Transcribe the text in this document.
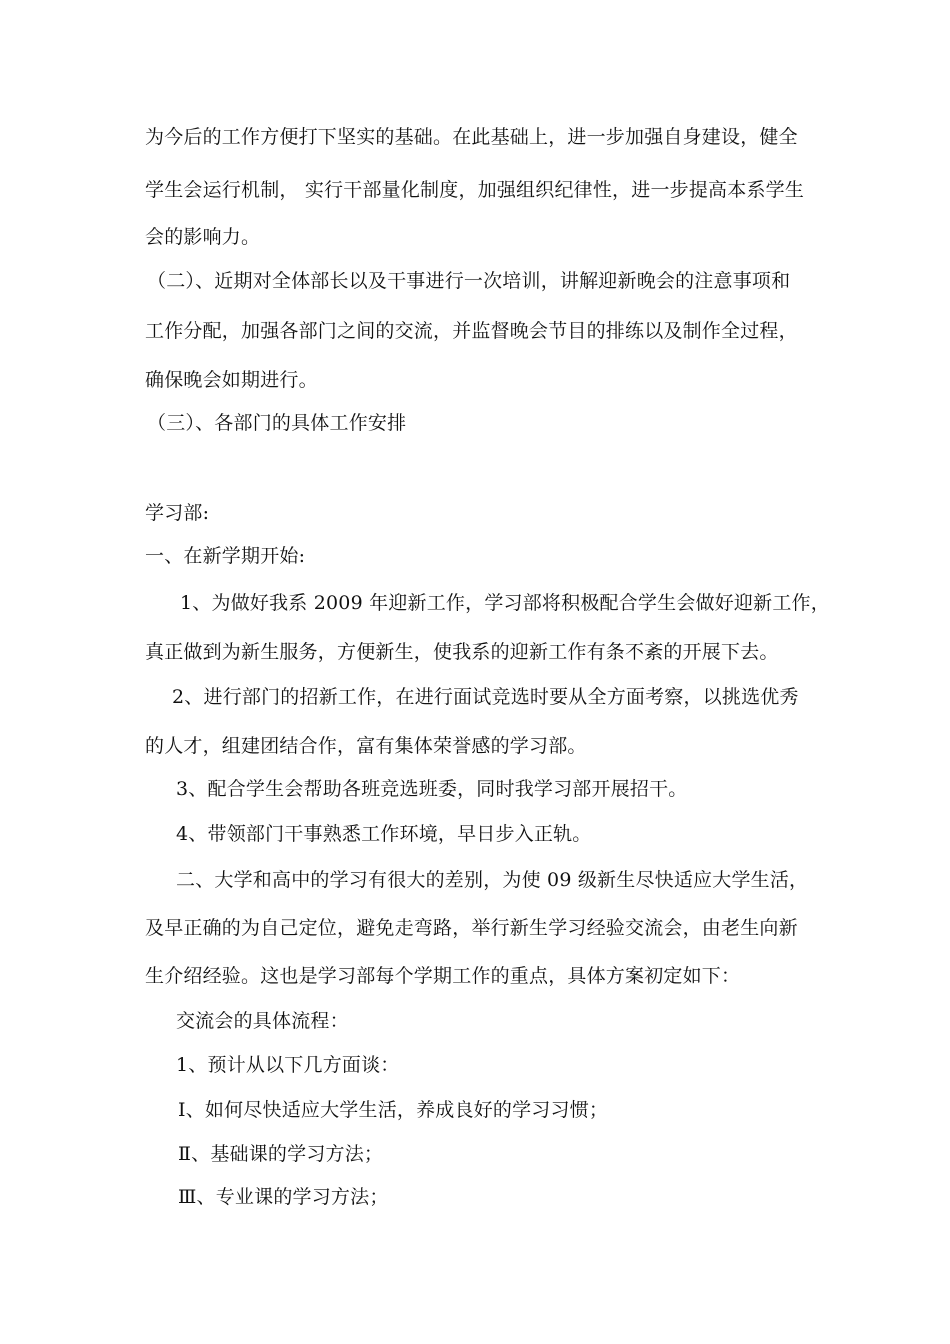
为今后的工作方便打下坚实的基础。在此基础上，进一步加强自身建设，健全
学生会运行机制， 实行干部量化制度，加强组织纪律性，进一步提高本系学生
会的影响力。
（二）、近期对全体部长以及干事进行一次培训，讲解迎新晚会的注意事项和
工作分配，加强各部门之间的交流，并监督晚会节目的排练以及制作全过程，
确保晚会如期进行。
（三）、各部门的具体工作安排
学习部:
一、在新学期开始:
1、为做好我系 2009 年迎新工作，学习部将积极配合学生会做好迎新工作，
真正做到为新生服务，方便新生，使我系的迎新工作有条不紊的开展下去。
2、进行部门的招新工作，在进行面试竞选时要从全方面考察，以挑选优秀
的人才，组建团结合作，富有集体荣誉感的学习部。
3、配合学生会帮助各班竞选班委，同时我学习部开展招干。
4、带领部门干事熟悉工作环境，早日步入正轨。
二、大学和高中的学习有很大的差别，为使 09 级新生尽快适应大学生活，
及早正确的为自己定位，避免走弯路，举行新生学习经验交流会，由老生向新
生介绍经验。这也是学习部每个学期工作的重点，具体方案初定如下：
交流会的具体流程：
1、预计从以下几方面谈：
Ⅰ、如何尽快适应大学生活，养成良好的学习习惯；
Ⅱ、基础课的学习方法；
Ⅲ、专业课的学习方法；
